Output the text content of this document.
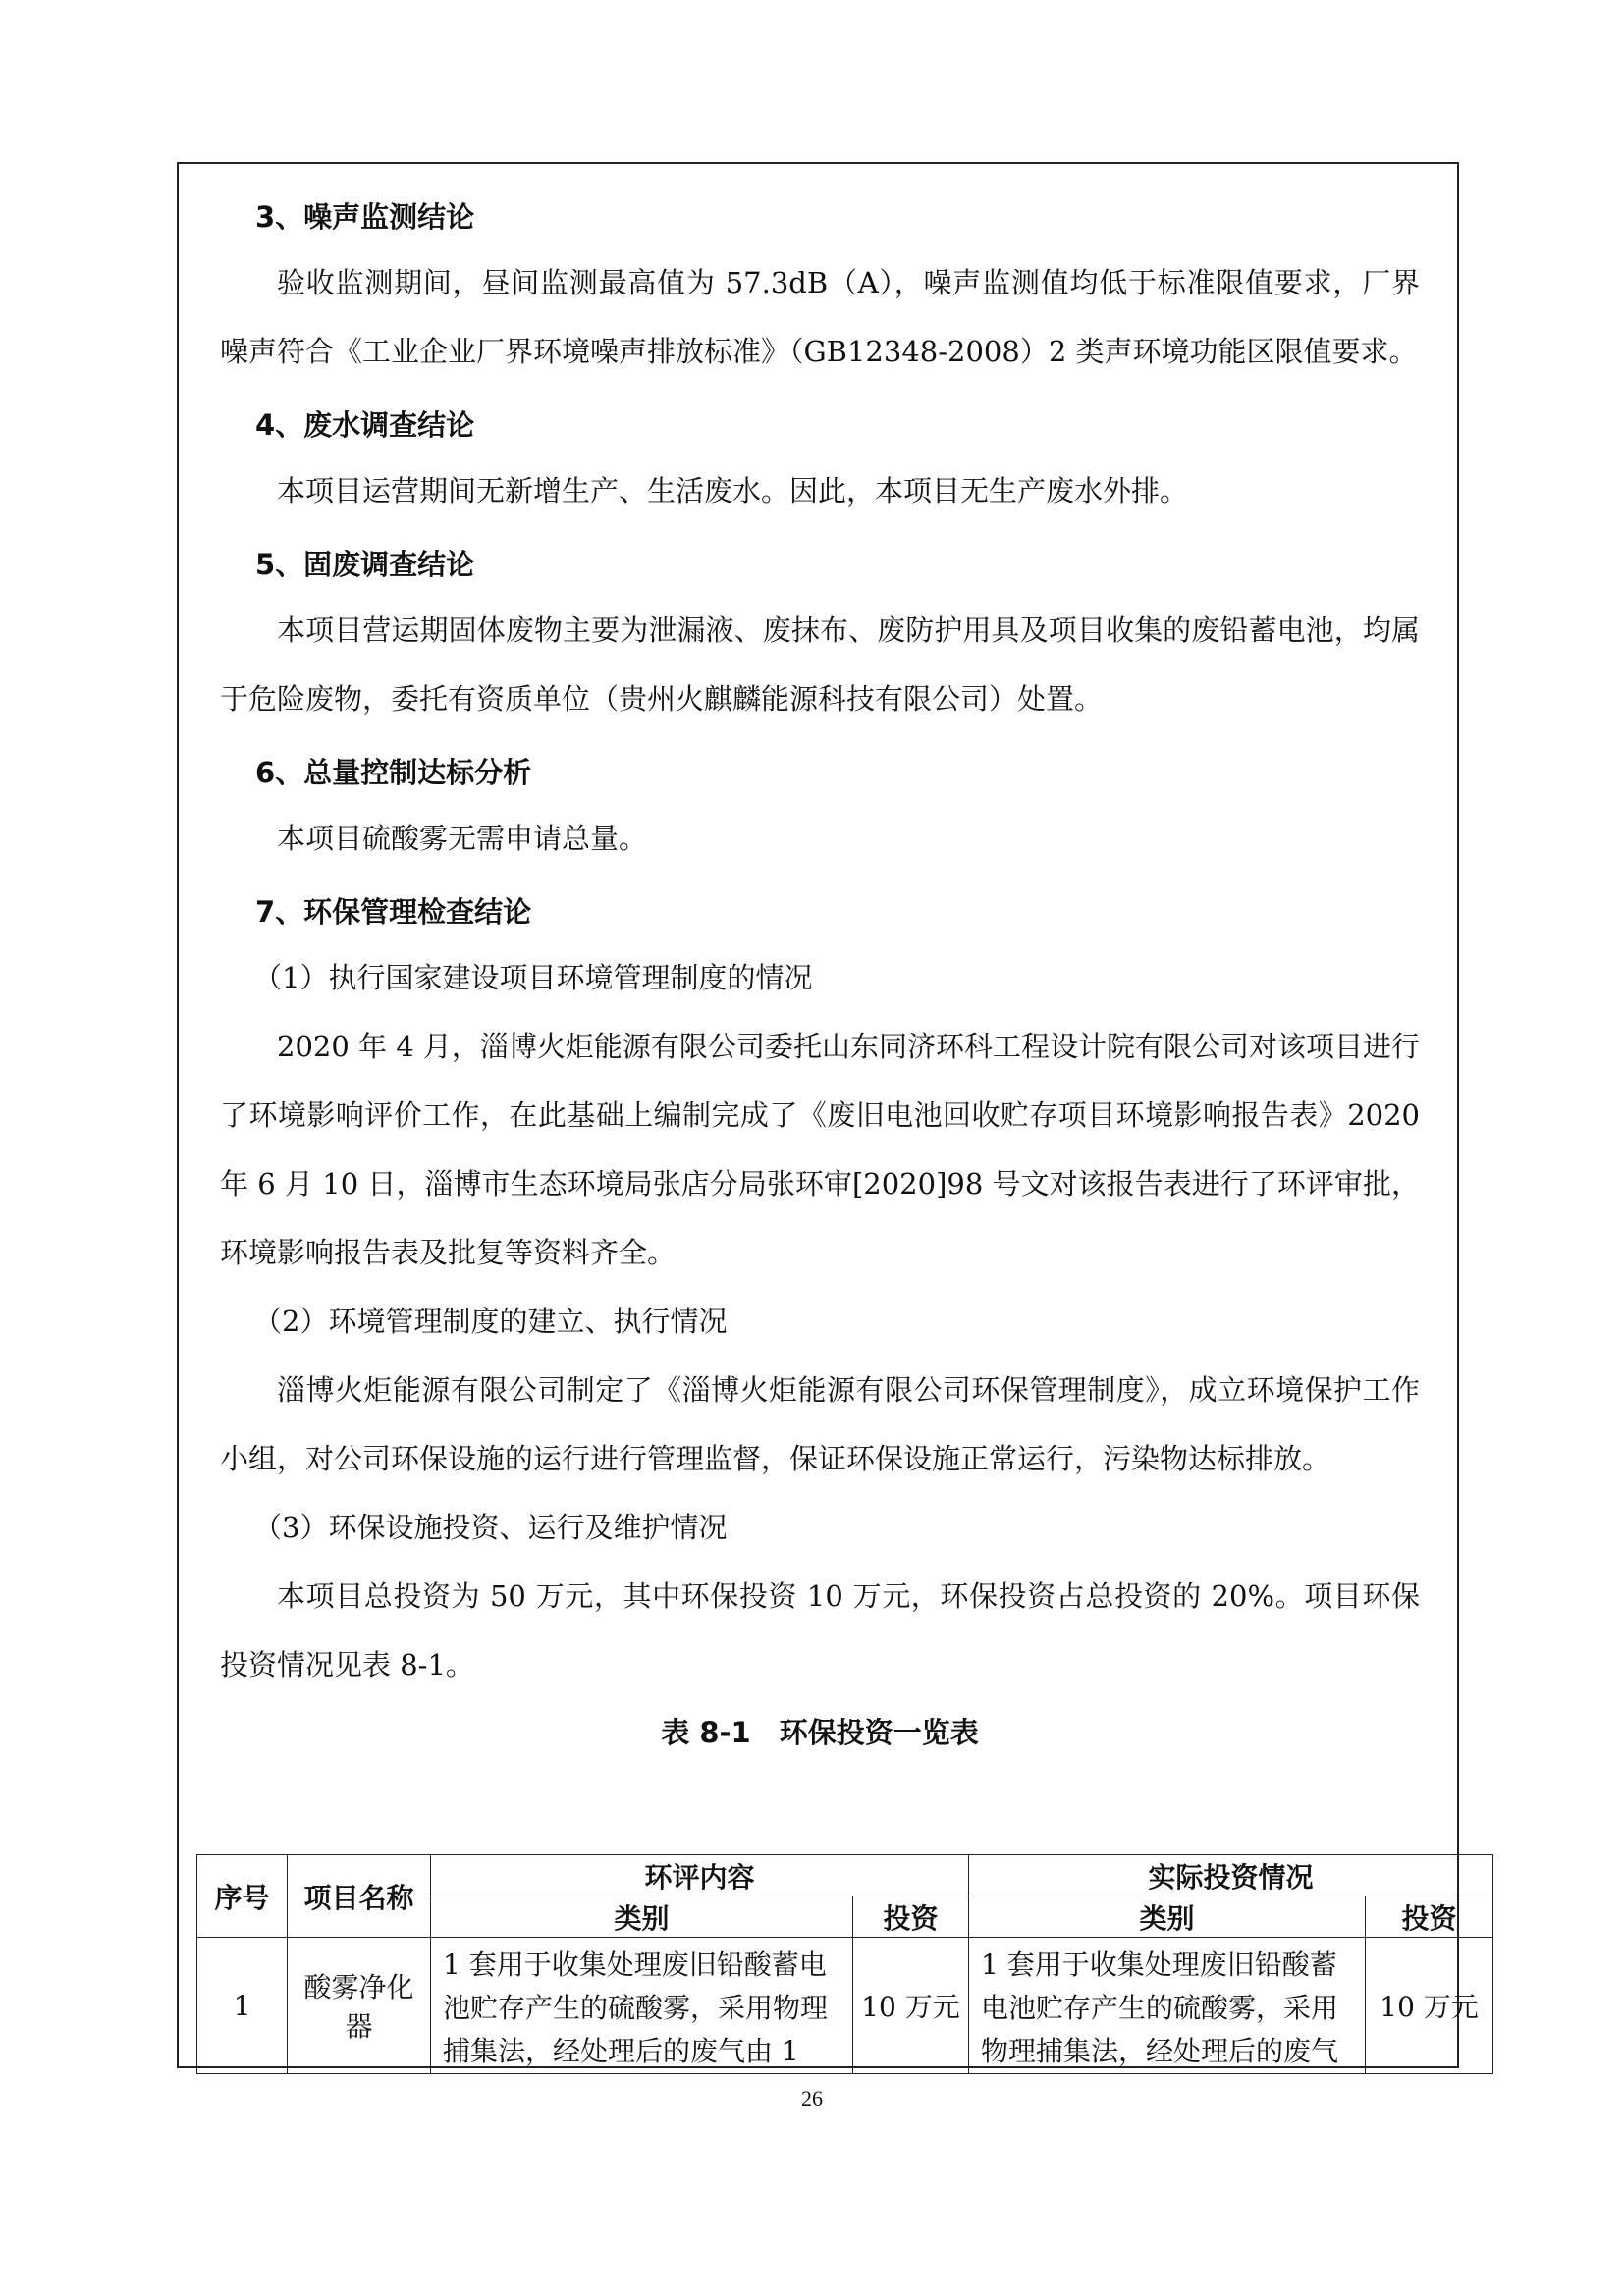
3、噪声监测结论

验收监测期间，昼间监测最高值为 57.3dB（A），噪声监测值均低于标准限值要求，厂界噪声符合《工业企业厂界环境噪声排放标准》（GB12348-2008）2 类声环境功能区限值要求。

4、废水调查结论

本项目运营期间无新增生产、生活废水。因此，本项目无生产废水外排。

5、固废调查结论

本项目营运期固体废物主要为泄漏液、废抹布、废防护用具及项目收集的废铅蓄电池，均属于危险废物，委托有资质单位（贵州火麒麟能源科技有限公司）处置。

6、总量控制达标分析

本项目硫酸雾无需申请总量。

7、环保管理检查结论

（1）执行国家建设项目环境管理制度的情况

2020 年 4 月，淄博火炬能源有限公司委托山东同济环科工程设计院有限公司对该项目进行了环境影响评价工作，在此基础上编制完成了《废旧电池回收贮存项目环境影响报告表》2020 年 6 月 10 日，淄博市生态环境局张店分局张环审[2020]98 号文对该报告表进行了环评审批，环境影响报告表及批复等资料齐全。

（2）环境管理制度的建立、执行情况

淄博火炬能源有限公司制定了《淄博火炬能源有限公司环保管理制度》，成立环境保护工作小组，对公司环保设施的运行进行管理监督，保证环保设施正常运行，污染物达标排放。

（3）环保设施投资、运行及维护情况

本项目总投资为 50 万元，其中环保投资 10 万元，环保投资占总投资的 20%。项目环保投资情况见表 8-1。

表 8-1　环保投资一览表

序号	项目名称	环评内容		实际投资情况	
		类别	投资	类别	投资
1	酸雾净化器	1 套用于收集处理废旧铅酸蓄电池贮存产生的硫酸雾，采用物理捕集法，经处理后的废气由 1	10 万元	1 套用于收集处理废旧铅酸蓄电池贮存产生的硫酸雾，采用物理捕集法，经处理后的废气	10 万元
26
